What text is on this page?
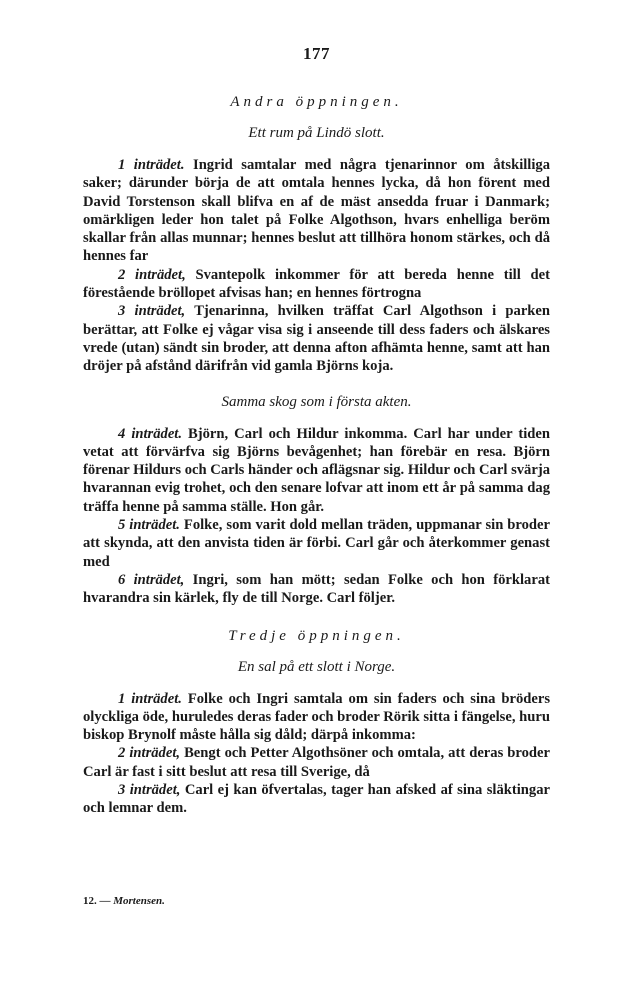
177
Andra öppningen.
Ett rum på Lindö slott.

1 inträdet. Ingrid samtalar med några tjenarinnor om åtskilliga saker; därunder börja de att omtala hennes lycka, då hon förent med David Torstenson skall blifva en af de mäst ansedda fruar i Danmark; omärkligen leder hon talet på Folke Algothson, hvars enhelliga beröm skallar från allas munnar; hennes beslut att tillhöra honom stärkes, och då hennes far

2 inträdet, Svantepolk inkommer för att bereda henne till det förestående bröllopet afvisas han; en hennes förtrogna

3 inträdet, Tjenarinna, hvilken träffat Carl Algothson i parken berättar, att Folke ej vågar visa sig i anseende till dess faders och älskares vrede (utan) sändt sin broder, att denna afton afhämta henne, samt att han dröjer på afstånd därifrån vid gamla Björns koja.

Samma skog som i första akten.

4 inträdet. Björn, Carl och Hildur inkomma. Carl har under tiden vetat att förvärfva sig Björns bevågenhet; han förebär en resa. Björn förenar Hildurs och Carls händer och aflägsnar sig. Hildur och Carl svärja hvarannan evig trohet, och den senare lofvar att inom ett år på samma dag träffa henne på samma ställe. Hon går.

5 inträdet. Folke, som varit dold mellan träden, uppmanar sin broder att skynda, att den anvista tiden är förbi. Carl går och återkommer genast med

6 inträdet, Ingri, som han mött; sedan Folke och hon förklarat hvarandra sin kärlek, fly de till Norge. Carl följer.

Tredje öppningen.
En sal på ett slott i Norge.

1 inträdet. Folke och Ingri samtala om sin faders och sina bröders olyckliga öde, huruledes deras fader och broder Rörik sitta i fängelse, huru biskop Brynolf måste hålla sig dåld; därpå inkomma:

2 inträdet, Bengt och Petter Algothsöner och omtala, att deras broder Carl är fast i sitt beslut att resa till Sverige, då

3 inträdet, Carl ej kan öfvertalas, tager han afsked af sina släktingar och lemnar dem.

12. — Mortensen.
